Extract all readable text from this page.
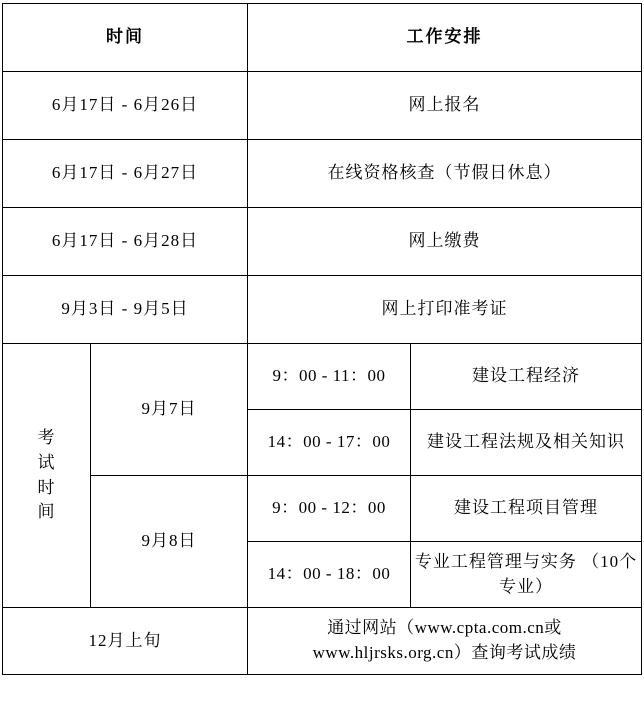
时间		工作安排	
6月17日 - 6月26日		网上报名	
6月17日 - 6月27日		在线资格核查（节假日休息）	
6月17日 - 6月28日		网上缴费	
9月3日 - 9月5日		网上打印准考证	

考
试
时
间	9月7日	9：00 - 11：00	建设工程经济
		14：00 - 17：00	建设工程法规及相关知识
	9月8日	9：00 - 12：00	建设工程项目管理
		14：00 - 18：00	专业工程管理与实务 （10个专业）
12月上旬		通过网站（www.cpta.com.cn或
www.hljrsks.org.cn）查询考试成绩	
